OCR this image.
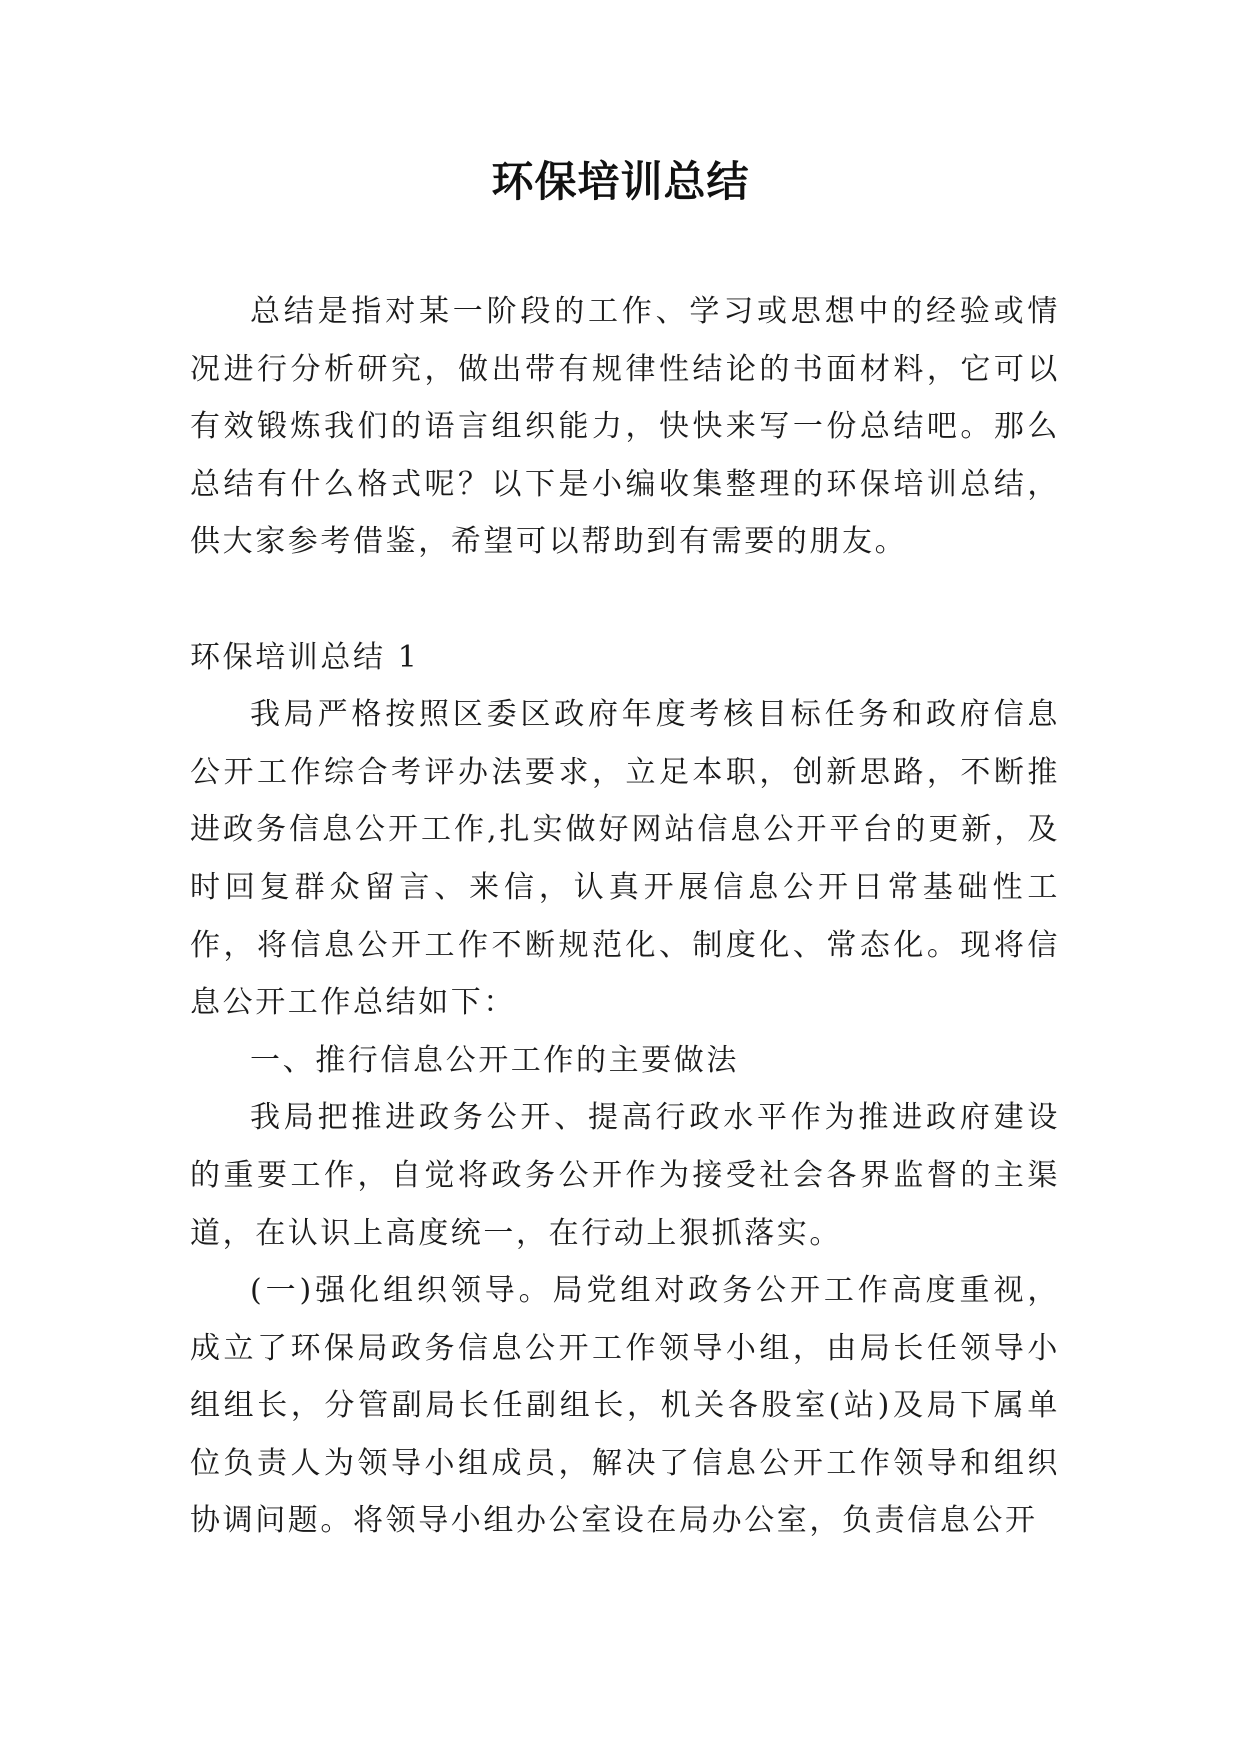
环保培训总结

总结是指对某一阶段的工作、学习或思想中的经验或情况进行分析研究，做出带有规律性结论的书面材料，它可以有效锻炼我们的语言组织能力，快快来写一份总结吧。那么总结有什么格式呢？以下是小编收集整理的环保培训总结，供大家参考借鉴，希望可以帮助到有需要的朋友。

环保培训总结 1

我局严格按照区委区政府年度考核目标任务和政府信息公开工作综合考评办法要求，立足本职，创新思路，不断推进政务信息公开工作,扎实做好网站信息公开平台的更新，及时回复群众留言、来信，认真开展信息公开日常基础性工作，将信息公开工作不断规范化、制度化、常态化。现将信息公开工作总结如下：

一、推行信息公开工作的主要做法

我局把推进政务公开、提高行政水平作为推进政府建设的重要工作，自觉将政务公开作为接受社会各界监督的主渠道，在认识上高度统一，在行动上狠抓落实。

(一)强化组织领导。局党组对政务公开工作高度重视，成立了环保局政务信息公开工作领导小组，由局长任领导小组组长，分管副局长任副组长，机关各股室(站)及局下属单位负责人为领导小组成员，解决了信息公开工作领导和组织协调问题。将领导小组办公室设在局办公室，负责信息公开
